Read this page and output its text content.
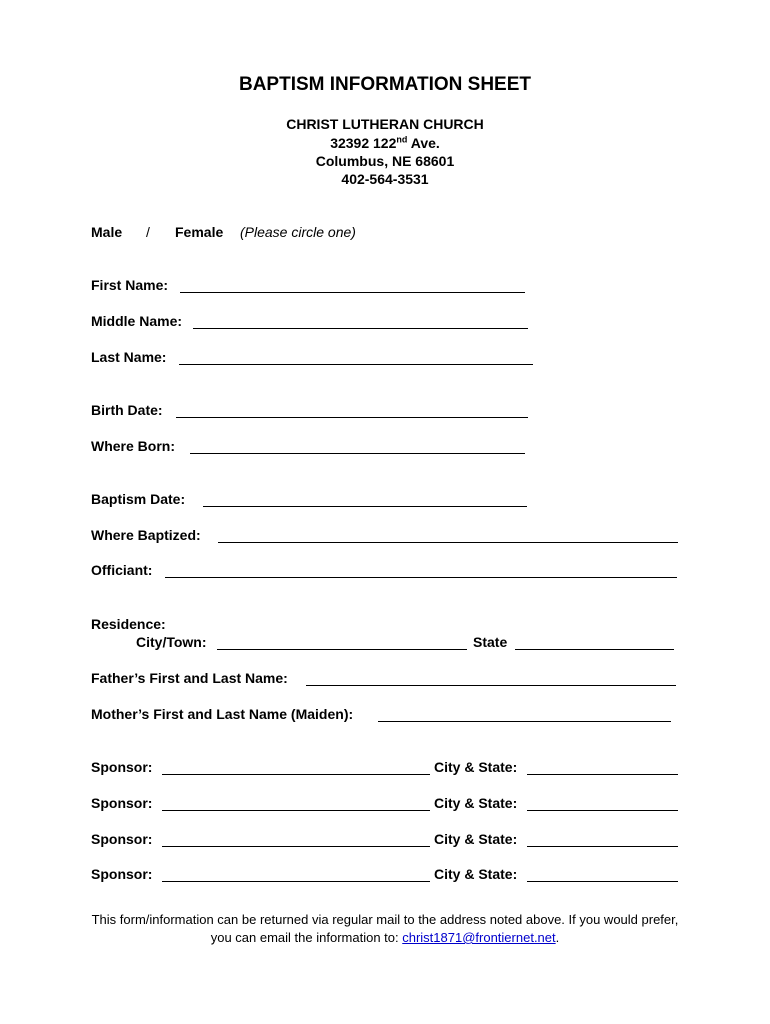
BAPTISM INFORMATION SHEET
CHRIST LUTHERAN CHURCH
32392 122nd Ave.
Columbus, NE 68601
402-564-3531
Male / Female (Please circle one)
First Name:
Middle Name:
Last Name:
Birth Date:
Where Born:
Baptism Date:
Where Baptized:
Officiant:
Residence:
City/Town:	State
Father’s First and Last Name:
Mother’s First and Last Name (Maiden):
Sponsor:	City & State:
Sponsor:	City & State:
Sponsor:	City & State:
Sponsor:	City & State:
This form/information can be returned via regular mail to the address noted above. If you would prefer, you can email the information to: christ1871@frontiernet.net.
